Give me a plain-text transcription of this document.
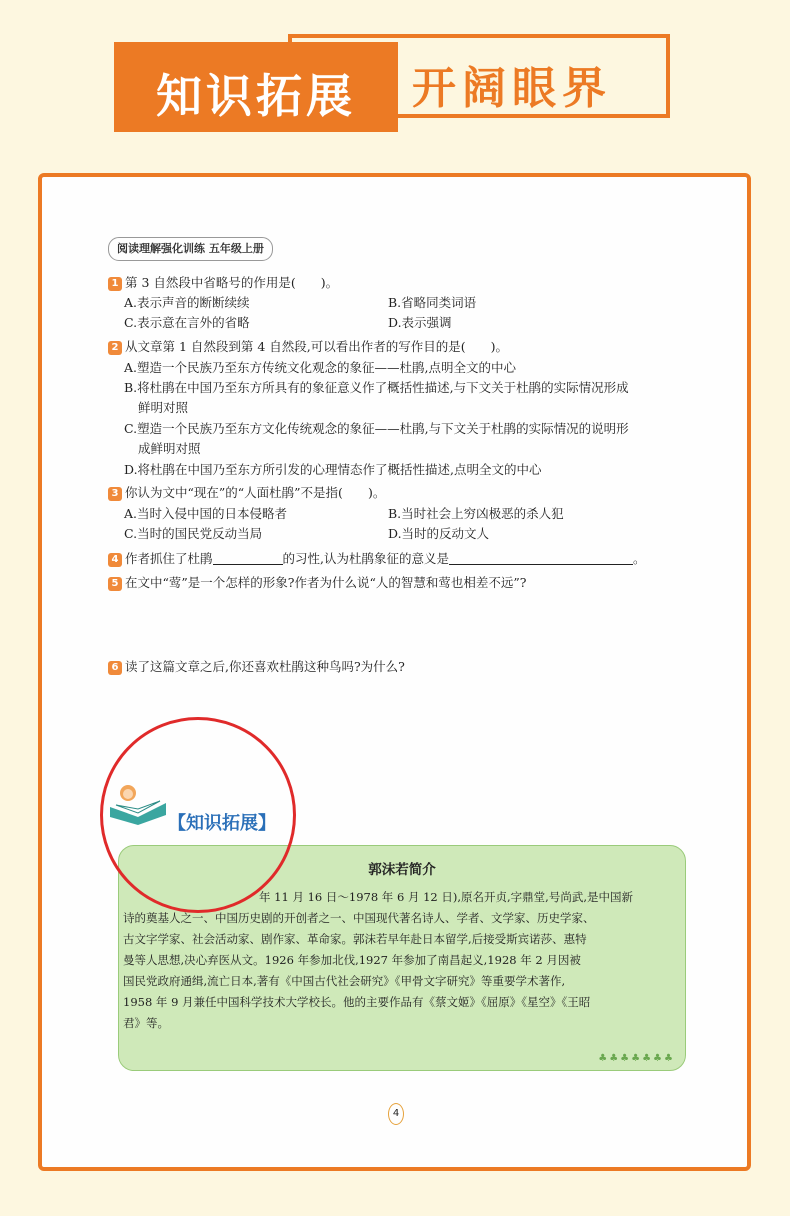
开阔眼界
知识拓展
阅读理解强化训练 五年级上册
1 第 3 自然段中省略号的作用是(　　)。
A.表示声音的断断续续	B.省略同类词语
C.表示意在言外的省略	D.表示强调
2 从文章第 1 自然段到第 4 自然段,可以看出作者的写作目的是(　　)。
A.塑造一个民族乃至东方传统文化观念的象征——杜鹃,点明全文的中心
B.将杜鹃在中国乃至东方所具有的象征意义作了概括性描述,与下文关于杜鹃的实际情况形成
鲜明对照
C.塑造一个民族乃至东方文化传统观念的象征——杜鹃,与下文关于杜鹃的实际情况的说明形
成鲜明对照
D.将杜鹃在中国乃至东方所引发的心理情态作了概括性描述,点明全文的中心
3 你认为文中“现在”的“人面杜鹃”不是指(　　)。
A.当时入侵中国的日本侵略者	B.当时社会上穷凶极恶的杀人犯
C.当时的国民党反动当局	D.当时的反动文人
4 作者抓住了杜鹃	的习性,认为杜鹃象征的意义是	。
5 在文中“莺”是一个怎样的形象?作者为什么说“人的智慧和莺也相差不远”?
6 读了这篇文章之后,你还喜欢杜鹃这种鸟吗?为什么?
【知识拓展】
郭沫若简介
年 11 月 16 日～1978 年 6 月 12 日),原名开贞,字鼎堂,号尚武,是中国新
诗的奠基人之一、中国历史剧的开创者之一、中国现代著名诗人、学者、文学家、历史学家、
古文字学家、社会活动家、剧作家、革命家。郭沫若早年赴日本留学,后接受斯宾诺莎、惠特
曼等人思想,决心弃医从文。1926 年参加北伐,1927 年参加了南昌起义,1928 年 2 月因被
国民党政府通缉,流亡日本,著有《中国古代社会研究》《甲骨文字研究》等重要学术著作,
1958 年 9 月兼任中国科学技术大学校长。他的主要作品有《蔡文姬》《屈原》《星空》《王昭
君》等。
♣♣♣♣♣♣♣
4
